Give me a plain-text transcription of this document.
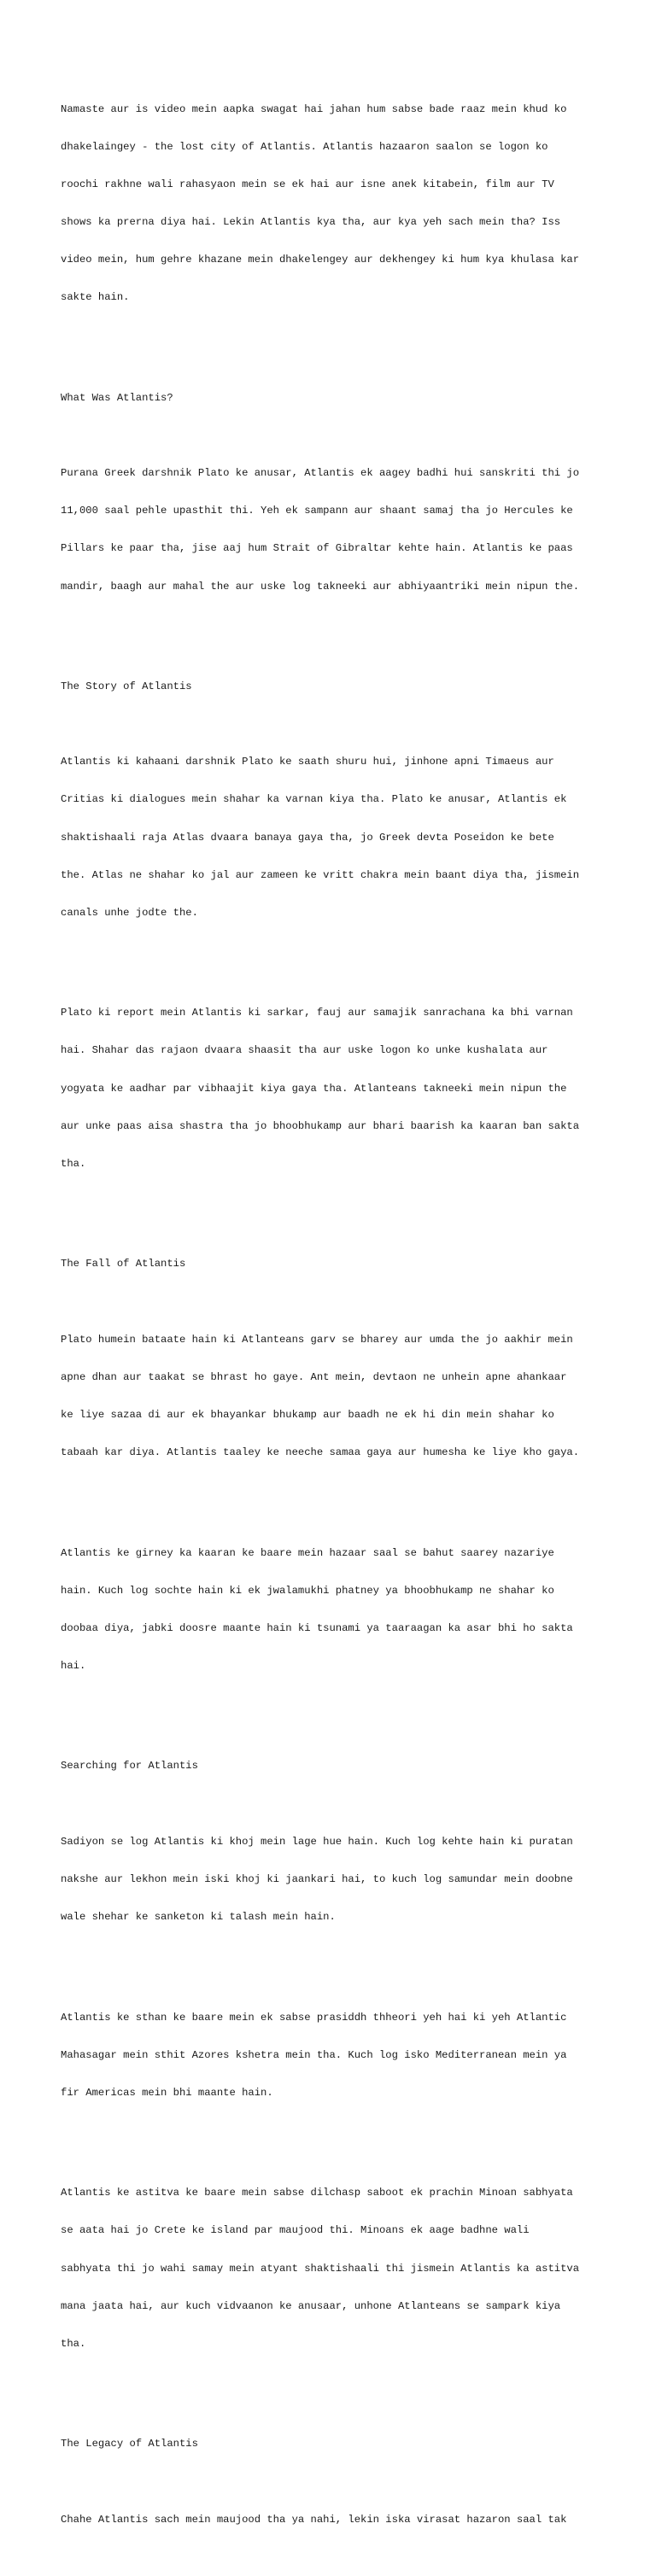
Namaste aur is video mein aapka swagat hai jahan hum sabse bade raaz mein khud ko

dhakelaingey - the lost city of Atlantis. Atlantis hazaaron saalon se logon ko

roochi rakhne wali rahasyaon mein se ek hai aur isne anek kitabein, film aur TV

shows ka prerna diya hai. Lekin Atlantis kya tha, aur kya yeh sach mein tha? Iss

video mein, hum gehre khazane mein dhakelengey aur dekhengey ki hum kya khulasa kar

sakte hain.

What Was Atlantis?

Purana Greek darshnik Plato ke anusar, Atlantis ek aagey badhi hui sanskriti thi jo

11,000 saal pehle upasthit thi. Yeh ek sampann aur shaant samaj tha jo Hercules ke

Pillars ke paar tha, jise aaj hum Strait of Gibraltar kehte hain. Atlantis ke paas

mandir, baagh aur mahal the aur uske log takneeki aur abhiyaantriki mein nipun the.

The Story of Atlantis

Atlantis ki kahaani darshnik Plato ke saath shuru hui, jinhone apni Timaeus aur

Critias ki dialogues mein shahar ka varnan kiya tha. Plato ke anusar, Atlantis ek

shaktishaali raja Atlas dvaara banaya gaya tha, jo Greek devta Poseidon ke bete

the. Atlas ne shahar ko jal aur zameen ke vritt chakra mein baant diya tha, jismein

canals unhe jodte the.

Plato ki report mein Atlantis ki sarkar, fauj aur samajik sanrachana ka bhi varnan

hai. Shahar das rajaon dvaara shaasit tha aur uske logon ko unke kushalata aur

yogyata ke aadhar par vibhaajit kiya gaya tha. Atlanteans takneeki mein nipun the

aur unke paas aisa shastra tha jo bhoobhukamp aur bhari baarish ka kaaran ban sakta

tha.

The Fall of Atlantis

Plato humein bataate hain ki Atlanteans garv se bharey aur umda the jo aakhir mein

apne dhan aur taakat se bhrast ho gaye. Ant mein, devtaon ne unhein apne ahankaar

ke liye sazaa di aur ek bhayankar bhukamp aur baadh ne ek hi din mein shahar ko

tabaah kar diya. Atlantis taaley ke neeche samaa gaya aur humesha ke liye kho gaya.

Atlantis ke girney ka kaaran ke baare mein hazaar saal se bahut saarey nazariye

hain. Kuch log sochte hain ki ek jwalamukhi phatney ya bhoobhukamp ne shahar ko

doobaa diya, jabki doosre maante hain ki tsunami ya taaraagan ka asar bhi ho sakta

hai.

Searching for Atlantis

Sadiyon se log Atlantis ki khoj mein lage hue hain. Kuch log kehte hain ki puratan

nakshe aur lekhon mein iski khoj ki jaankari hai, to kuch log samundar mein doobne

wale shehar ke sanketon ki talash mein hain.

Atlantis ke sthan ke baare mein ek sabse prasiddh thheori yeh hai ki yeh Atlantic

Mahasagar mein sthit Azores kshetra mein tha. Kuch log isko Mediterranean mein ya

fir Americas mein bhi maante hain.

Atlantis ke astitva ke baare mein sabse dilchasp saboot ek prachin Minoan sabhyata

se aata hai jo Crete ke island par maujood thi. Minoans ek aage badhne wali

sabhyata thi jo wahi samay mein atyant shaktishaali thi jismein Atlantis ka astitva

mana jaata hai, aur kuch vidvaanon ke anusaar, unhone Atlanteans se sampark kiya

tha.

The Legacy of Atlantis

Chahe Atlantis sach mein maujood tha ya nahi, lekin iska virasat hazaron saal tak
